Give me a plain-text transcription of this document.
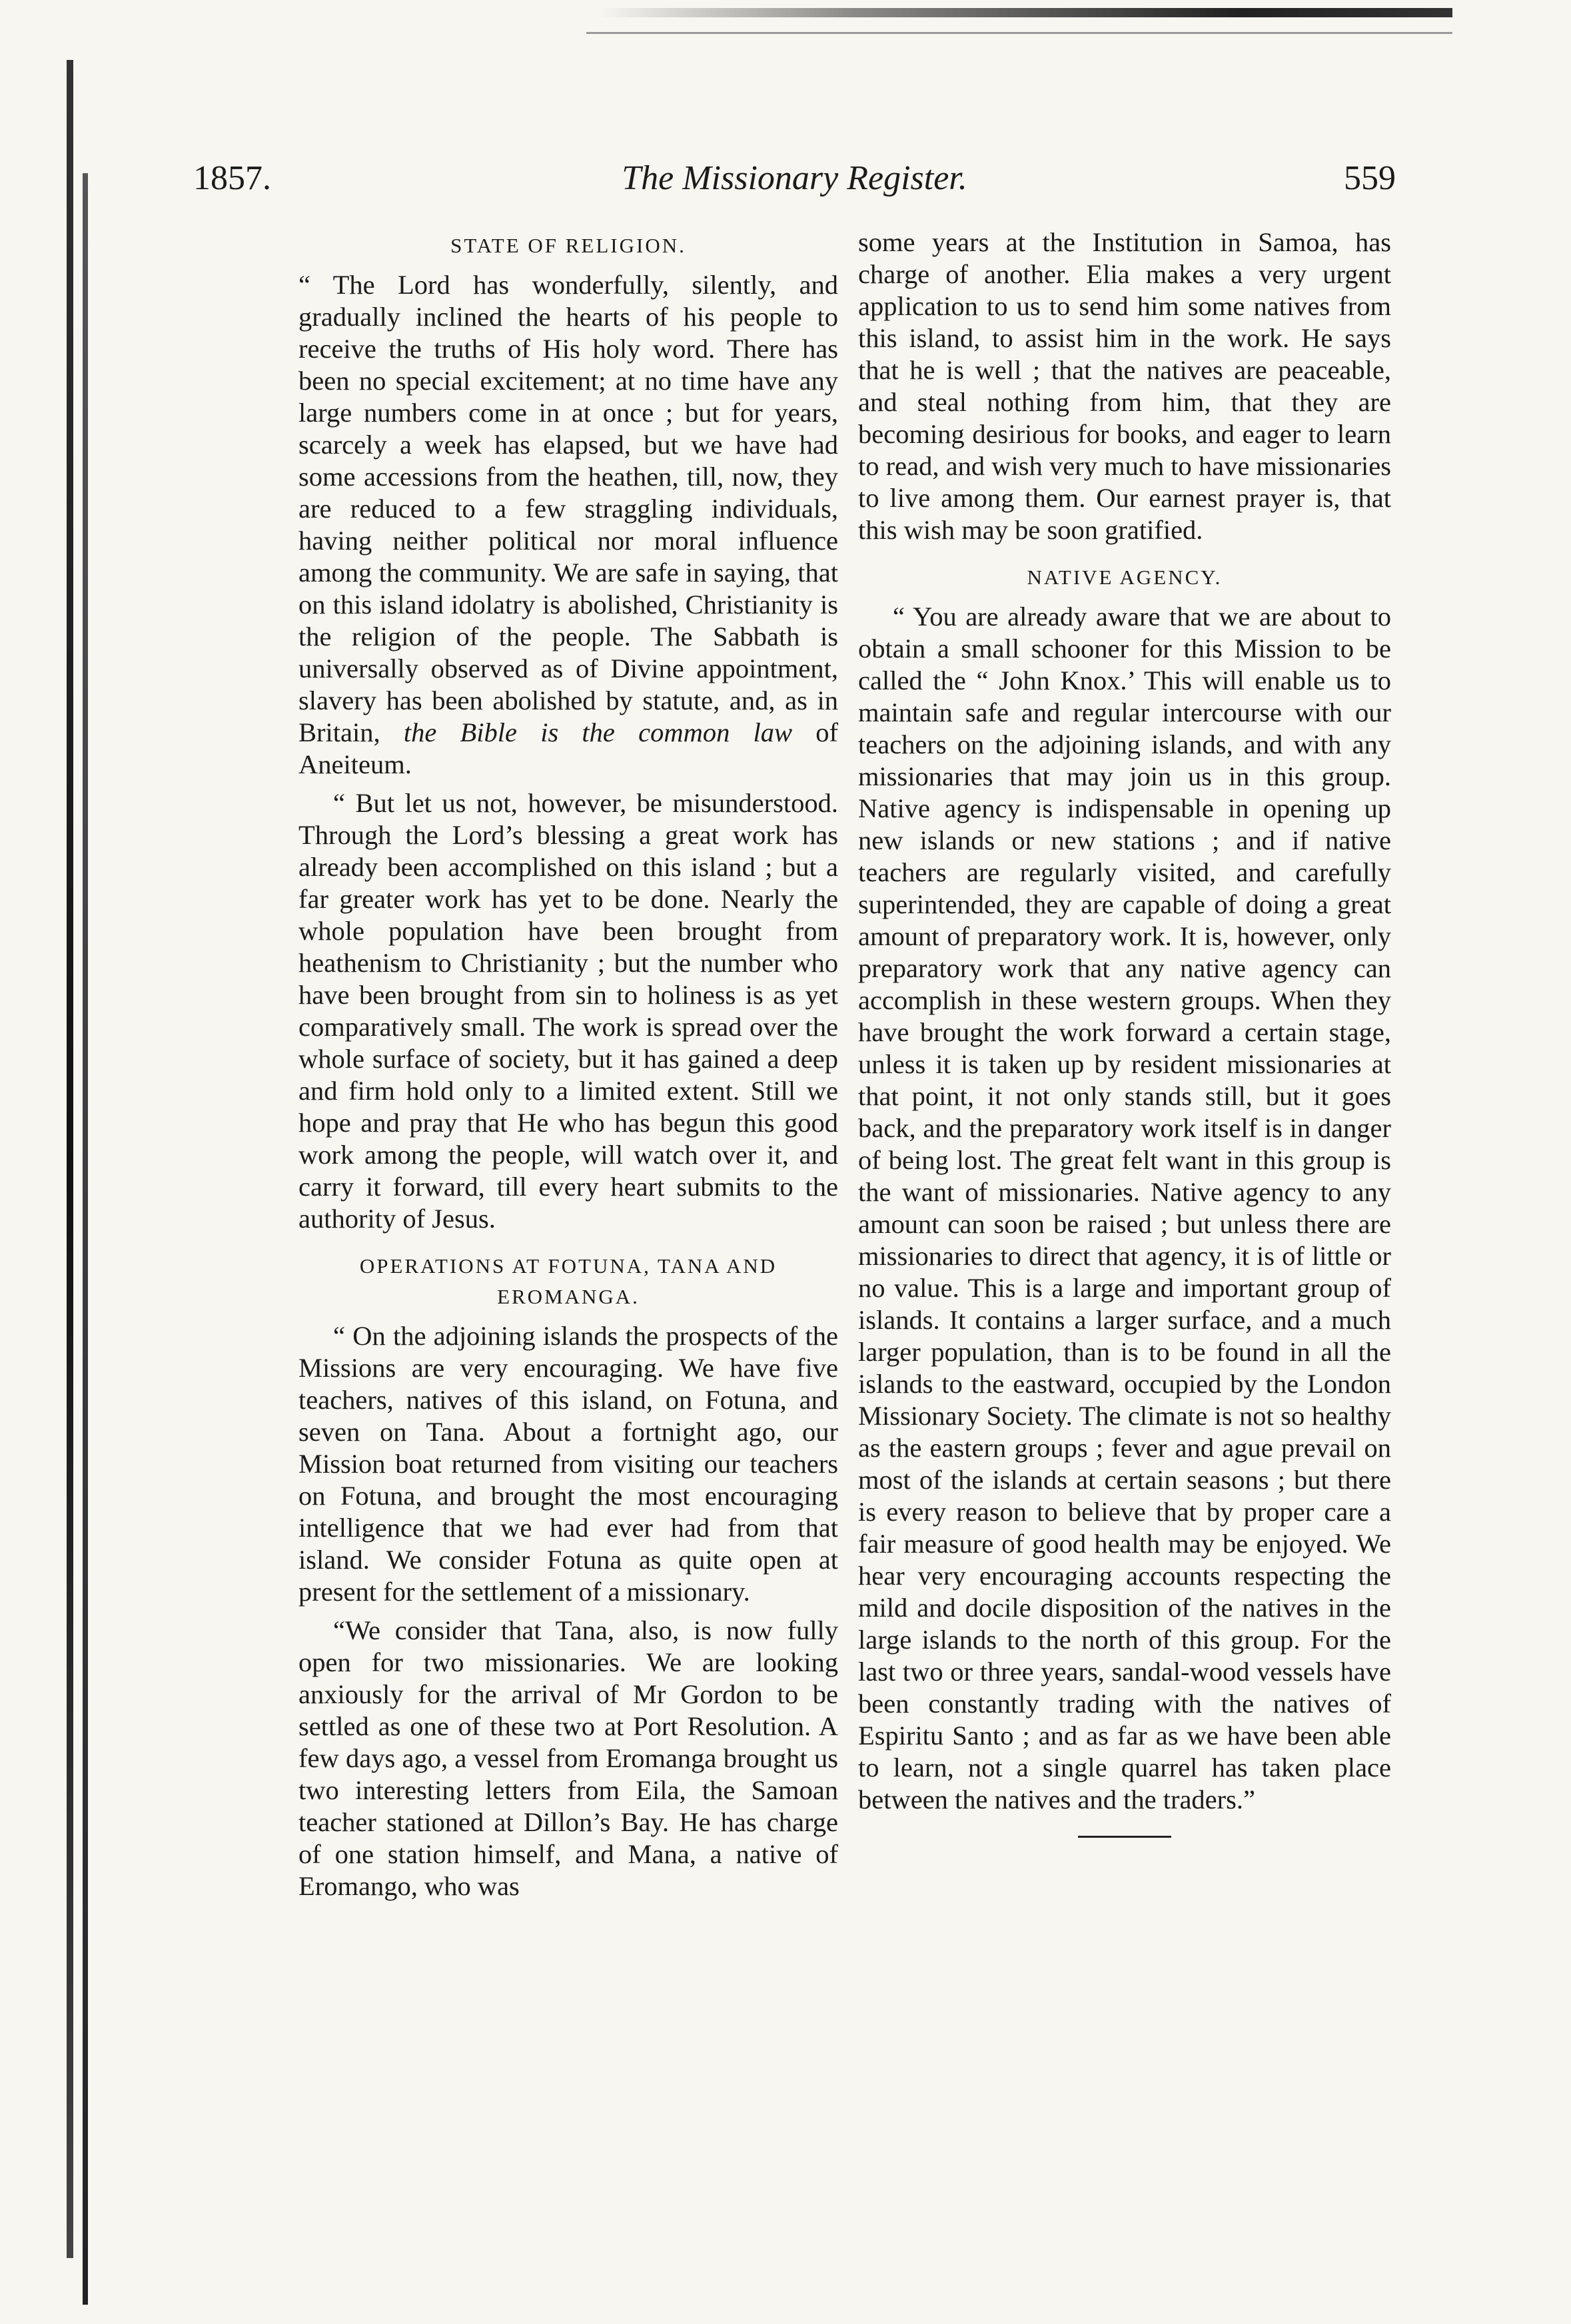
1857.	The Missionary Register.	559
STATE OF RELIGION.

“ The Lord has wonderfully, silently, and gradually inclined the hearts of his people to receive the truths of His holy word. There has been no special excitement; at no time have any large numbers come in at once ; but for years, scarcely a week has elapsed, but we have had some accessions from the heathen, till, now, they are reduced to a few straggling individuals, having neither political nor moral influence among the community. We are safe in saying, that on this island idolatry is abolished, Christianity is the religion of the people. The Sabbath is universally observed as of Divine appointment, slavery has been abolished by statute, and, as in Britain, the Bible is the common law of Aneiteum.

“ But let us not, however, be misunderstood. Through the Lord’s blessing a great work has already been accomplished on this island ; but a far greater work has yet to be done. Nearly the whole population have been brought from heathenism to Christianity ; but the number who have been brought from sin to holiness is as yet comparatively small. The work is spread over the whole surface of society, but it has gained a deep and firm hold only to a limited extent. Still we hope and pray that He who has begun this good work among the people, will watch over it, and carry it forward, till every heart submits to the authority of Jesus.

OPERATIONS AT FOTUNA, TANA AND EROMANGA.

“ On the adjoining islands the prospects of the Missions are very encouraging. We have five teachers, natives of this island, on Fotuna, and seven on Tana. About a fortnight ago, our Mission boat returned from visiting our teachers on Fotuna, and brought the most encouraging intelligence that we had ever had from that island. We consider Fotuna as quite open at present for the settlement of a missionary.

“We consider that Tana, also, is now fully open for two missionaries. We are looking anxiously for the arrival of Mr Gordon to be settled as one of these two at Port Resolution. A few days ago, a vessel from Eromanga brought us two interesting letters from Eila, the Samoan teacher stationed at Dillon’s Bay. He has charge of one station himself, and Mana, a native of Eromango, who was

some years at the Institution in Samoa, has charge of another. Elia makes a very urgent application to us to send him some natives from this island, to assist him in the work. He says that he is well ; that the natives are peaceable, and steal nothing from him, that they are becoming desirious for books, and eager to learn to read, and wish very much to have missionaries to live among them. Our earnest prayer is, that this wish may be soon gratified.

NATIVE AGENCY.

“ You are already aware that we are about to obtain a small schooner for this Mission to be called the “ John Knox.’ This will enable us to maintain safe and regular intercourse with our teachers on the adjoining islands, and with any missionaries that may join us in this group. Native agency is indispensable in opening up new islands or new stations ; and if native teachers are regularly visited, and carefully superintended, they are capable of doing a great amount of preparatory work. It is, however, only preparatory work that any native agency can accomplish in these western groups. When they have brought the work forward a certain stage, unless it is taken up by resident missionaries at that point, it not only stands still, but it goes back, and the preparatory work itself is in danger of being lost. The great felt want in this group is the want of missionaries. Native agency to any amount can soon be raised ; but unless there are missionaries to direct that agency, it is of little or no value. This is a large and important group of islands. It contains a larger surface, and a much larger population, than is to be found in all the islands to the eastward, occupied by the London Missionary Society. The climate is not so healthy as the eastern groups ; fever and ague prevail on most of the islands at certain seasons ; but there is every reason to believe that by proper care a fair measure of good health may be enjoyed. We hear very encouraging accounts respecting the mild and docile disposition of the natives in the large islands to the north of this group. For the last two or three years, sandal-wood vessels have been constantly trading with the natives of Espiritu Santo ; and as far as we have been able to learn, not a single quarrel has taken place between the natives and the traders.”
